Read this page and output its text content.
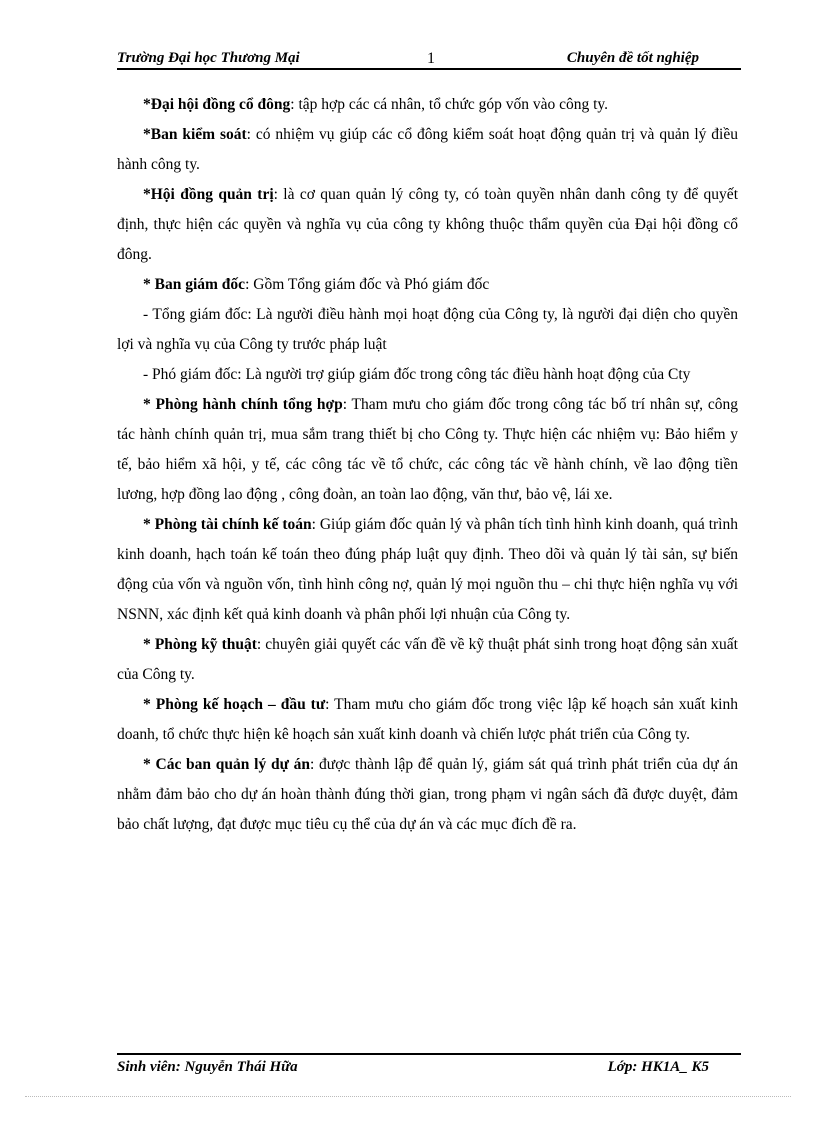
Trường Đại học Thương Mại	1	Chuyên đề tốt nghiệp

*Đại hội đồng cổ đông: tập hợp các cá nhân, tổ chức góp vốn vào công ty.

*Ban kiểm soát: có nhiệm vụ giúp các cổ đông kiểm soát hoạt động quản trị và quản lý điều hành công ty.

*Hội đồng quản trị: là cơ quan quản lý công ty, có toàn quyền nhân danh công ty để quyết định, thực hiện các quyền và nghĩa vụ của công ty không thuộc thẩm quyền của Đại hội đồng cổ đông.

* Ban giám đốc: Gồm Tổng giám đốc và Phó giám đốc

- Tổng giám đốc: Là người điều hành mọi hoạt động của Công ty, là người đại diện cho quyền lợi và nghĩa vụ của Công ty trước pháp luật

- Phó giám đốc: Là người trợ giúp giám đốc trong công tác điều hành hoạt động của Cty

* Phòng hành chính tổng hợp: Tham mưu cho giám đốc trong công tác bố trí nhân sự, công tác hành chính quản trị, mua sắm trang thiết bị cho Công ty. Thực hiện các nhiệm vụ: Bảo hiểm y tế, bảo hiểm xã hội, y tế, các công tác về tổ chức, các công tác về hành chính, về lao động tiền lương, hợp đồng lao động , công đoàn, an toàn lao động, văn thư, bảo vệ, lái xe.

* Phòng tài chính kế toán: Giúp giám đốc quản lý và phân tích tình hình kinh doanh, quá trình kinh doanh, hạch toán kế toán theo đúng pháp luật quy định. Theo dõi và quản lý tài sản, sự biến động của vốn và nguồn vốn, tình hình công nợ, quản lý mọi nguồn thu – chi thực hiện nghĩa vụ với NSNN, xác định kết quả kinh doanh và phân phối lợi nhuận của Công ty.

* Phòng kỹ thuật: chuyên giải quyết các vấn đề về kỹ thuật phát sinh trong hoạt động sản xuất của Công ty.

* Phòng kế hoạch – đầu tư: Tham mưu cho giám đốc trong việc lập kế hoạch sản xuất kinh doanh, tổ chức thực hiện kê hoạch sản xuất kinh doanh và chiến lược phát triển của Công ty.

* Các ban quản lý dự án: được thành lập để quản lý, giám sát quá trình phát triển của dự án nhằm đảm bảo cho dự án hoàn thành đúng thời gian, trong phạm vi ngân sách đã được duyệt, đảm bảo chất lượng, đạt được mục tiêu cụ thể của dự án và các mục đích đề ra.

Sinh viên: Nguyễn Thái Hữa	Lớp: HK1A_ K5
